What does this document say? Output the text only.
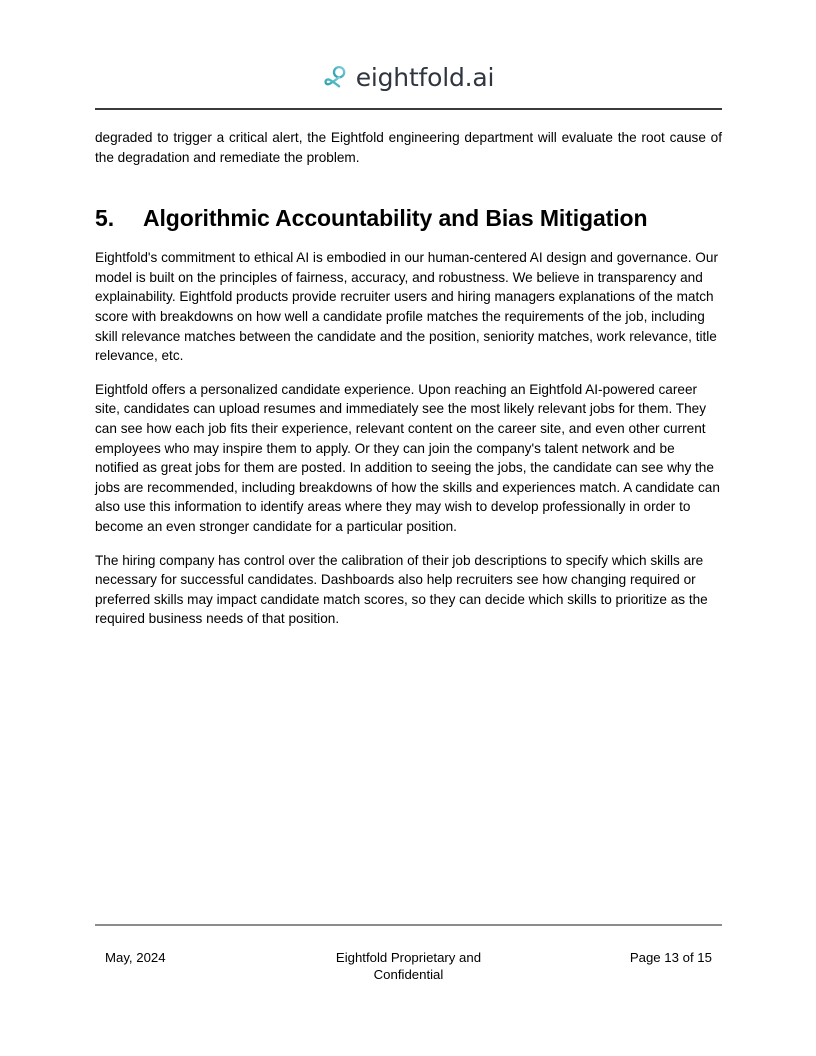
eightfold.ai

degraded to trigger a critical alert, the Eightfold engineering department will evaluate the root cause of the degradation and remediate the problem.

5.	Algorithmic Accountability and Bias Mitigation

Eightfold's commitment to ethical AI is embodied in our human-centered AI design and governance. Our model is built on the principles of fairness, accuracy, and robustness. We believe in transparency and explainability. Eightfold products provide recruiter users and hiring managers explanations of the match score with breakdowns on how well a candidate profile matches the requirements of the job, including skill relevance matches between the candidate and the position, seniority matches, work relevance, title relevance, etc.

Eightfold offers a personalized candidate experience. Upon reaching an Eightfold AI-powered career site, candidates can upload resumes and immediately see the most likely relevant jobs for them. They can see how each job fits their experience, relevant content on the career site, and even other current employees who may inspire them to apply. Or they can join the company's talent network and be notified as great jobs for them are posted. In addition to seeing the jobs, the candidate can see why the jobs are recommended, including breakdowns of how the skills and experiences match. A candidate can also use this information to identify areas where they may wish to develop professionally in order to become an even stronger candidate for a particular position.

The hiring company has control over the calibration of their job descriptions to specify which skills are necessary for successful candidates. Dashboards also help recruiters see how changing required or preferred skills may impact candidate match scores, so they can decide which skills to prioritize as the required business needs of that position.

May, 2024	Eightfold Proprietary and Confidential
Page 13 of 15
